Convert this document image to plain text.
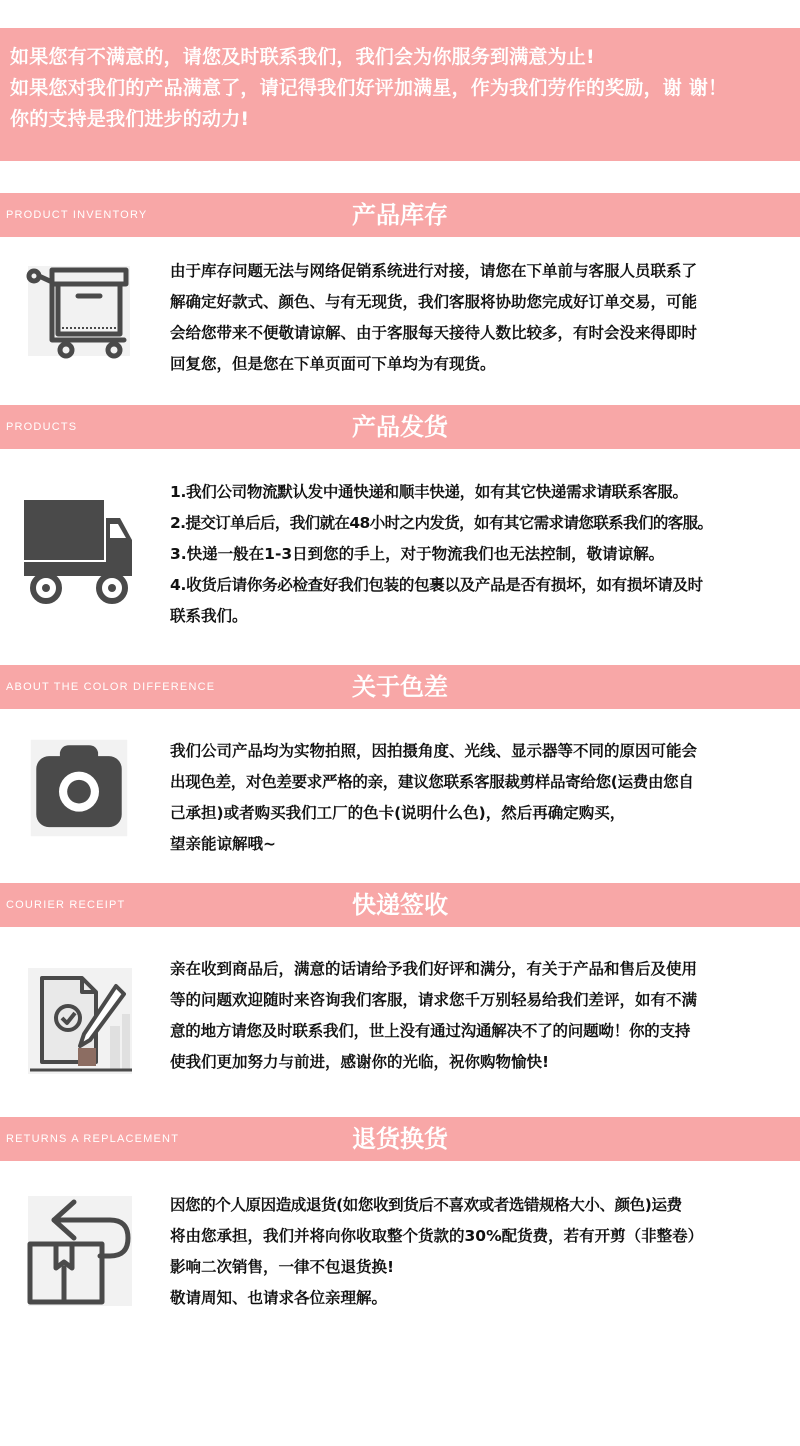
如果您有不满意的，请您及时联系我们，我们会为你服务到满意为止!
如果您对我们的产品满意了，请记得我们好评加满星，作为我们劳作的奖励，谢 谢！
你的支持是我们进步的动力!
PRODUCT INVENTORY	产品库存
由于库存问题无法与网络促销系统进行对接，请您在下单前与客服人员联系了
解确定好款式、颜色、与有无现货，我们客服将协助您完成好订单交易，可能
会给您带来不便敬请谅解、由于客服每天接待人数比较多，有时会没来得即时
回复您，但是您在下单页面可下单均为有现货。
PRODUCTS	产品发货
1.我们公司物流默认发中通快递和顺丰快递，如有其它快递需求请联系客服。
2.提交订单后后，我们就在48小时之内发货，如有其它需求请您联系我们的客服。
3.快递一般在1-3日到您的手上，对于物流我们也无法控制，敬请谅解。
4.收货后请你务必检查好我们包装的包裹以及产品是否有损坏，如有损坏请及时
联系我们。
ABOUT THE COLOR DIFFERENCE	关于色差
我们公司产品均为实物拍照，因拍摄角度、光线、显示器等不同的原因可能会
出现色差，对色差要求严格的亲，建议您联系客服裁剪样品寄给您(运费由您自
己承担)或者购买我们工厂的色卡(说明什么色)，然后再确定购买，
望亲能谅解哦~
COURIER RECEIPT	快递签收
亲在收到商品后，满意的话请给予我们好评和满分，有关于产品和售后及使用
等的问题欢迎随时来咨询我们客服，请求您千万别轻易给我们差评，如有不满
意的地方请您及时联系我们，世上没有通过沟通解决不了的问题呦！你的支持
使我们更加努力与前进，感谢你的光临，祝你购物愉快!
RETURNS A REPLACEMENT	退货换货
因您的个人原因造成退货(如您收到货后不喜欢或者选错规格大小、颜色)运费
将由您承担，我们并将向你收取整个货款的30%配货费，若有开剪（非整卷）
影响二次销售，一律不包退货换!
敬请周知、也请求各位亲理解。
